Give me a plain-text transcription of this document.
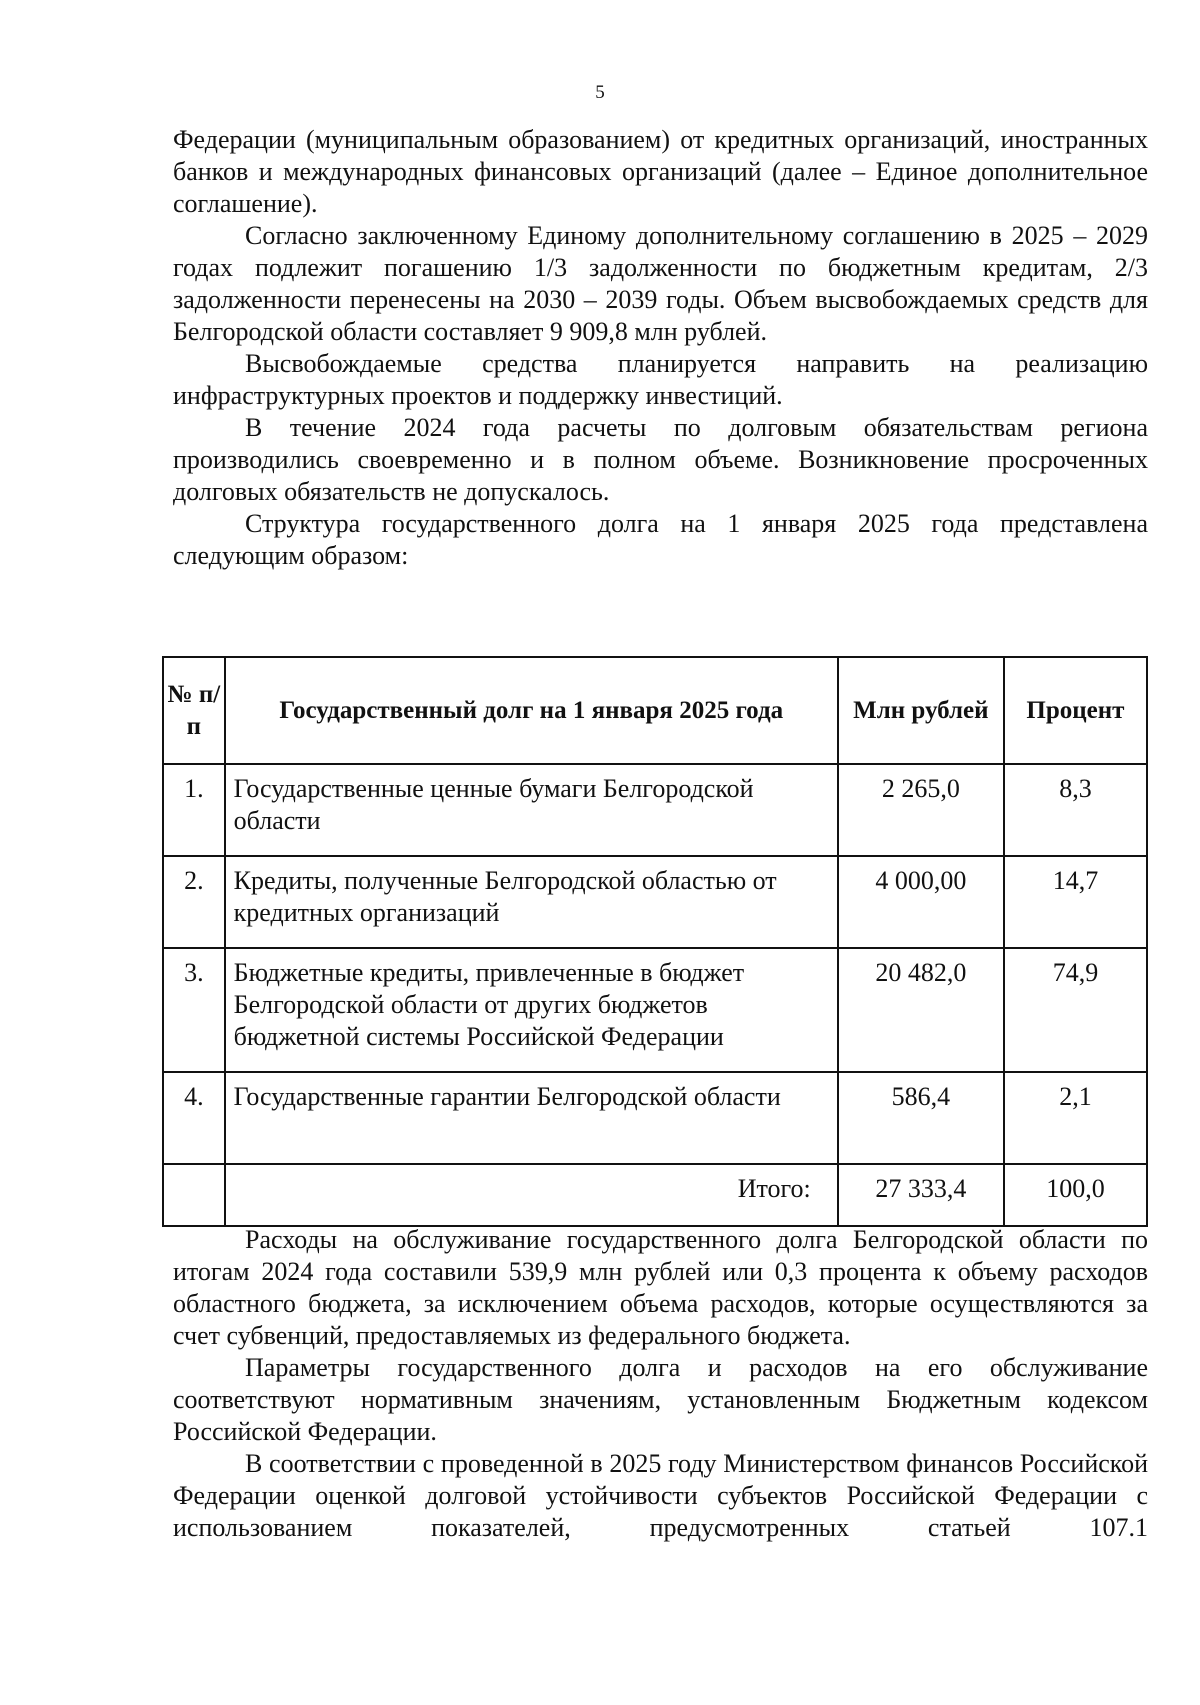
5

Федерации (муниципальным образованием) от кредитных организаций, иностранных банков и международных финансовых организаций (далее – Единое дополнительное соглашение).

Согласно заключенному Единому дополнительному соглашению в 2025 – 2029 годах подлежит погашению 1/3 задолженности по бюджетным кредитам, 2/3 задолженности перенесены на 2030 – 2039 годы. Объем высвобождаемых средств для Белгородской области составляет 9 909,8 млн рублей.

Высвобождаемые средства планируется направить на реализацию инфраструктурных проектов и поддержку инвестиций.

В течение 2024 года расчеты по долговым обязательствам региона производились своевременно и в полном объеме. Возникновение просроченных долговых обязательств не допускалось.

Структура государственного долга на 1 января 2025 года представлена следующим образом:

№ п/п	Государственный долг на 1 января 2025 года	Млн рублей	Процент
1.	Государственные ценные бумаги Белгородской области	2 265,0	8,3
2.	Кредиты, полученные Белгородской областью от кредитных организаций	4 000,00	14,7
3.	Бюджетные кредиты, привлеченные в бюджет Белгородской области от других бюджетов бюджетной системы Российской Федерации	20 482,0	74,9
4.	Государственные гарантии Белгородской области	586,4	2,1
	Итого:	27 333,4	100,0

Расходы на обслуживание государственного долга Белгородской области по итогам 2024 года составили 539,9 млн рублей или 0,3 процента к объему расходов областного бюджета, за исключением объема расходов, которые осуществляются за счет субвенций, предоставляемых из федерального бюджета.

Параметры государственного долга и расходов на его обслуживание соответствуют нормативным значениям, установленным Бюджетным кодексом Российской Федерации.

В соответствии с проведенной в 2025 году Министерством финансов Российской Федерации оценкой долговой устойчивости субъектов Российской Федерации с использованием показателей, предусмотренных статьей 107.1
